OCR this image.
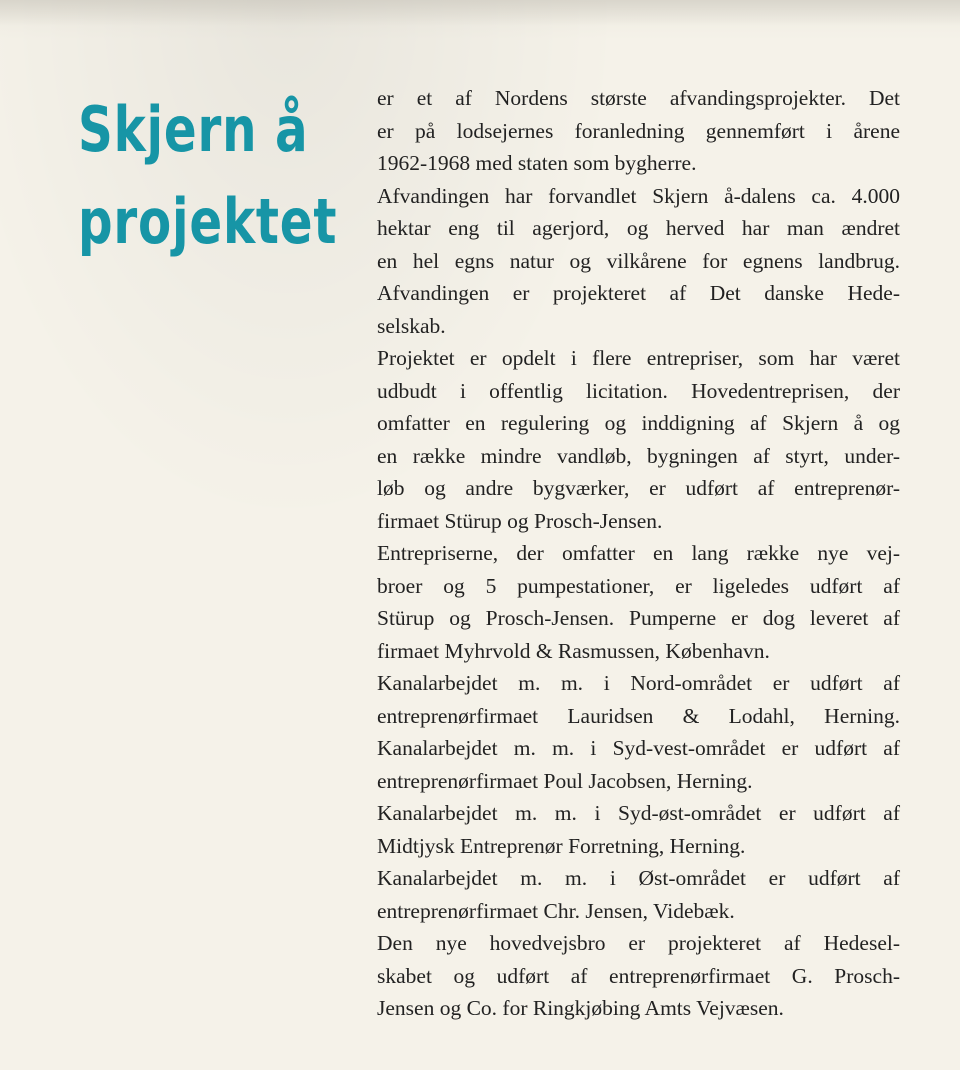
Skjern å
projektet
er et af Nordens største afvandingsprojekter. Det
er på lodsejernes foranledning gennemført i årene
1962-1968 med staten som bygherre.
Afvandingen har forvandlet Skjern å-dalens ca. 4.000
hektar eng til agerjord, og herved har man ændret
en hel egns natur og vilkårene for egnens landbrug.
Afvandingen er projekteret af Det danske Hede-
selskab.
Projektet er opdelt i flere entrepriser, som har været
udbudt i offentlig licitation. Hovedentreprisen, der
omfatter en regulering og inddigning af Skjern å og
en række mindre vandløb, bygningen af styrt, under-
løb og andre bygværker, er udført af entreprenør-
firmaet Stürup og Prosch-Jensen.
Entrepriserne, der omfatter en lang række nye vej-
broer og 5 pumpestationer, er ligeledes udført af
Stürup og Prosch-Jensen. Pumperne er dog leveret af
firmaet Myhrvold & Rasmussen, København.
Kanalarbejdet m. m. i Nord-området er udført af
entreprenørfirmaet Lauridsen & Lodahl, Herning.
Kanalarbejdet m. m. i Syd-vest-området er udført af
entreprenørfirmaet Poul Jacobsen, Herning.
Kanalarbejdet m. m. i Syd-øst-området er udført af
Midtjysk Entreprenør Forretning, Herning.
Kanalarbejdet m. m. i Øst-området er udført af
entreprenørfirmaet Chr. Jensen, Videbæk.
Den nye hovedvejsbro er projekteret af Hedesel-
skabet og udført af entreprenørfirmaet G. Prosch-
Jensen og Co. for Ringkjøbing Amts Vejvæsen.
